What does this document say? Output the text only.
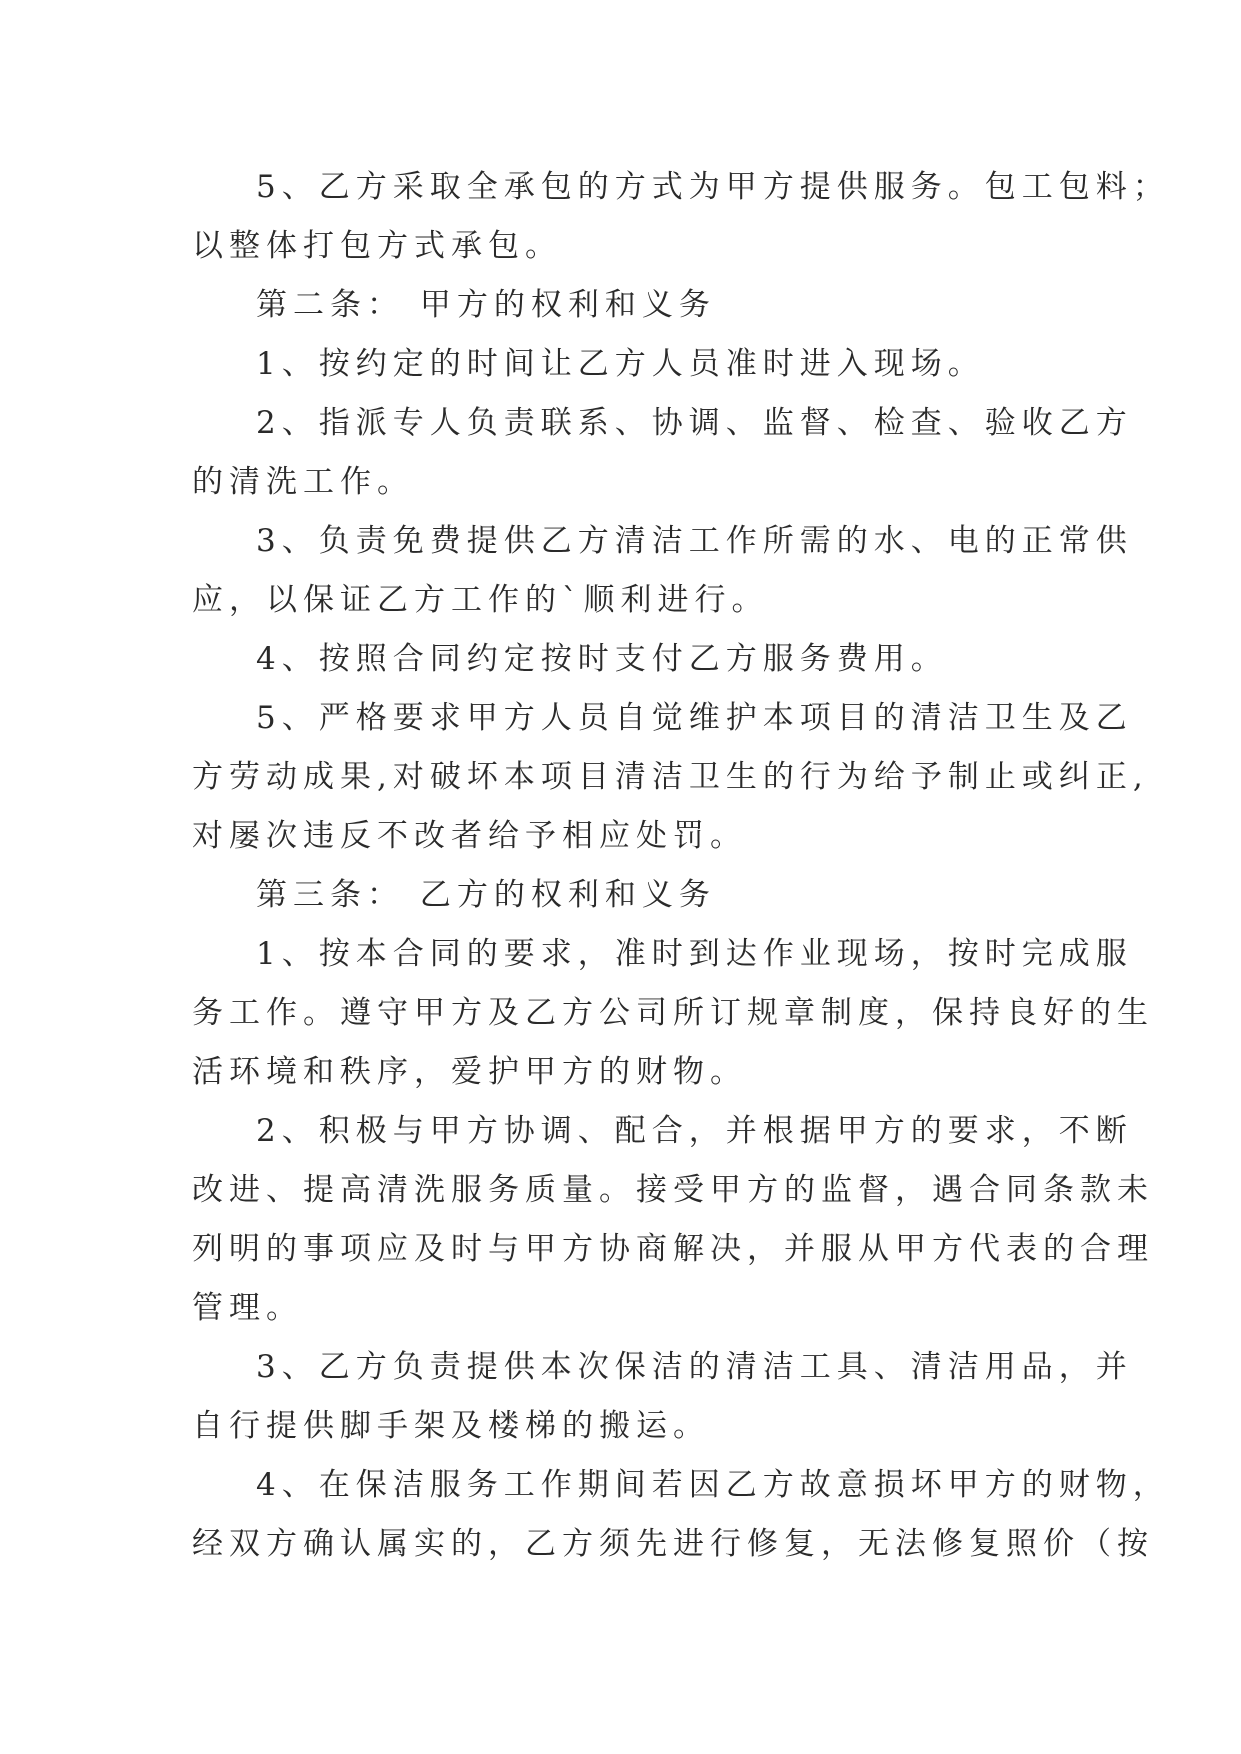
5、乙方采取全承包的方式为甲方提供服务。包工包料；

以整体打包方式承包。

第二条： 甲方的权利和义务

1、按约定的时间让乙方人员准时进入现场。

2、指派专人负责联系、协调、监督、检查、验收乙方

的清洗工作。

3、负责免费提供乙方清洁工作所需的水、电的正常供

应，以保证乙方工作的`顺利进行。

4、按照合同约定按时支付乙方服务费用。

5、严格要求甲方人员自觉维护本项目的清洁卫生及乙

方劳动成果,对破坏本项目清洁卫生的行为给予制止或纠正,

对屡次违反不改者给予相应处罚。

第三条： 乙方的权利和义务

1、按本合同的要求，准时到达作业现场，按时完成服

务工作。遵守甲方及乙方公司所订规章制度，保持良好的生

活环境和秩序，爱护甲方的财物。

2、积极与甲方协调、配合，并根据甲方的要求，不断

改进、提高清洗服务质量。接受甲方的监督，遇合同条款未

列明的事项应及时与甲方协商解决，并服从甲方代表的合理

管理。

3、乙方负责提供本次保洁的清洁工具、清洁用品，并

自行提供脚手架及楼梯的搬运。

4、在保洁服务工作期间若因乙方故意损坏甲方的财物，

经双方确认属实的，乙方须先进行修复，无法修复照价（按
